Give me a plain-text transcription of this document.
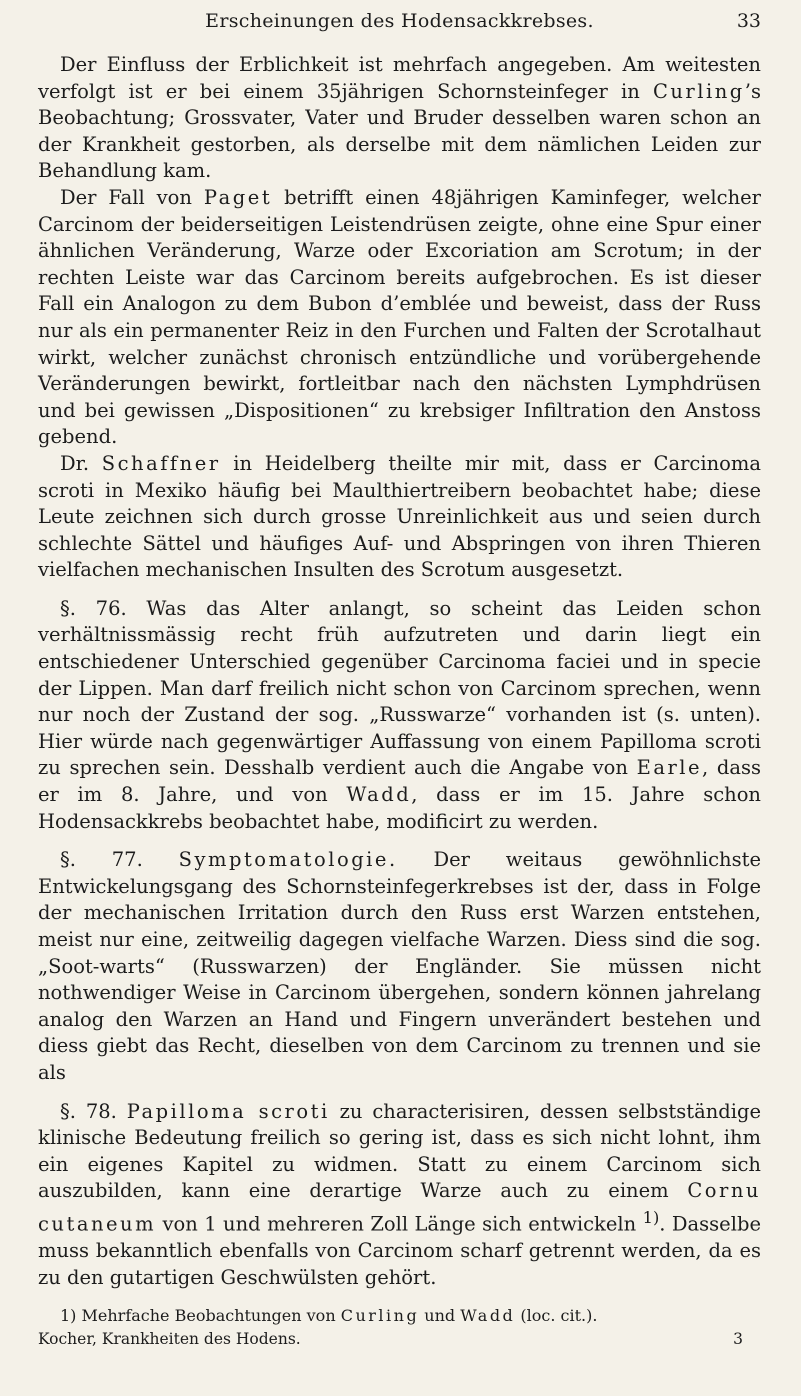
Erscheinungen des Hodensackkrebses.	33

Der Einfluss der Erblichkeit ist mehrfach angegeben. Am weitesten verfolgt ist er bei einem 35jährigen Schornsteinfeger in Curling’s Beobachtung; Grossvater, Vater und Bruder desselben waren schon an der Krankheit gestorben, als derselbe mit dem nämlichen Leiden zur Behandlung kam.

Der Fall von Paget betrifft einen 48jährigen Kaminfeger, welcher Carcinom der beiderseitigen Leistendrüsen zeigte, ohne eine Spur einer ähnlichen Veränderung, Warze oder Excoriation am Scrotum; in der rechten Leiste war das Carcinom bereits aufgebrochen. Es ist dieser Fall ein Analogon zu dem Bubon d’emblée und beweist, dass der Russ nur als ein permanenter Reiz in den Furchen und Falten der Scrotalhaut wirkt, welcher zunächst chronisch entzündliche und vorübergehende Veränderungen bewirkt, fortleitbar nach den nächsten Lymphdrüsen und bei gewissen „Dispositionen“ zu krebsiger Infiltration den Anstoss gebend.

Dr. Schaffner in Heidelberg theilte mir mit, dass er Carcinoma scroti in Mexiko häufig bei Maulthiertreibern beobachtet habe; diese Leute zeichnen sich durch grosse Unreinlichkeit aus und seien durch schlechte Sättel und häufiges Auf- und Abspringen von ihren Thieren vielfachen mechanischen Insulten des Scrotum ausgesetzt.

§. 76. Was das Alter anlangt, so scheint das Leiden schon verhältnissmässig recht früh aufzutreten und darin liegt ein entschiedener Unterschied gegenüber Carcinoma faciei und in specie der Lippen. Man darf freilich nicht schon von Carcinom sprechen, wenn nur noch der Zustand der sog. „Russwarze“ vorhanden ist (s. unten). Hier würde nach gegenwärtiger Auffassung von einem Papilloma scroti zu sprechen sein. Desshalb verdient auch die Angabe von Earle, dass er im 8. Jahre, und von Wadd, dass er im 15. Jahre schon Hodensackkrebs beobachtet habe, modificirt zu werden.

§. 77. Symptomatologie. Der weitaus gewöhnlichste Entwickelungsgang des Schornsteinfegerkrebses ist der, dass in Folge der mechanischen Irritation durch den Russ erst Warzen entstehen, meist nur eine, zeitweilig dagegen vielfache Warzen. Diess sind die sog. „Soot-warts“ (Russwarzen) der Engländer. Sie müssen nicht nothwendiger Weise in Carcinom übergehen, sondern können jahrelang analog den Warzen an Hand und Fingern unverändert bestehen und diess giebt das Recht, dieselben von dem Carcinom zu trennen und sie als

§. 78. Papilloma scroti zu characterisiren, dessen selbstständige klinische Bedeutung freilich so gering ist, dass es sich nicht lohnt, ihm ein eigenes Kapitel zu widmen. Statt zu einem Carcinom sich auszubilden, kann eine derartige Warze auch zu einem Cornu cutaneum von 1 und mehreren Zoll Länge sich entwickeln $^{1)}$. Dasselbe muss bekanntlich ebenfalls von Carcinom scharf getrennt werden, da es zu den gutartigen Geschwülsten gehört.

1) Mehrfache Beobachtungen von Curling und Wadd (loc. cit.).

Kocher, Krankheiten des Hodens.	3
